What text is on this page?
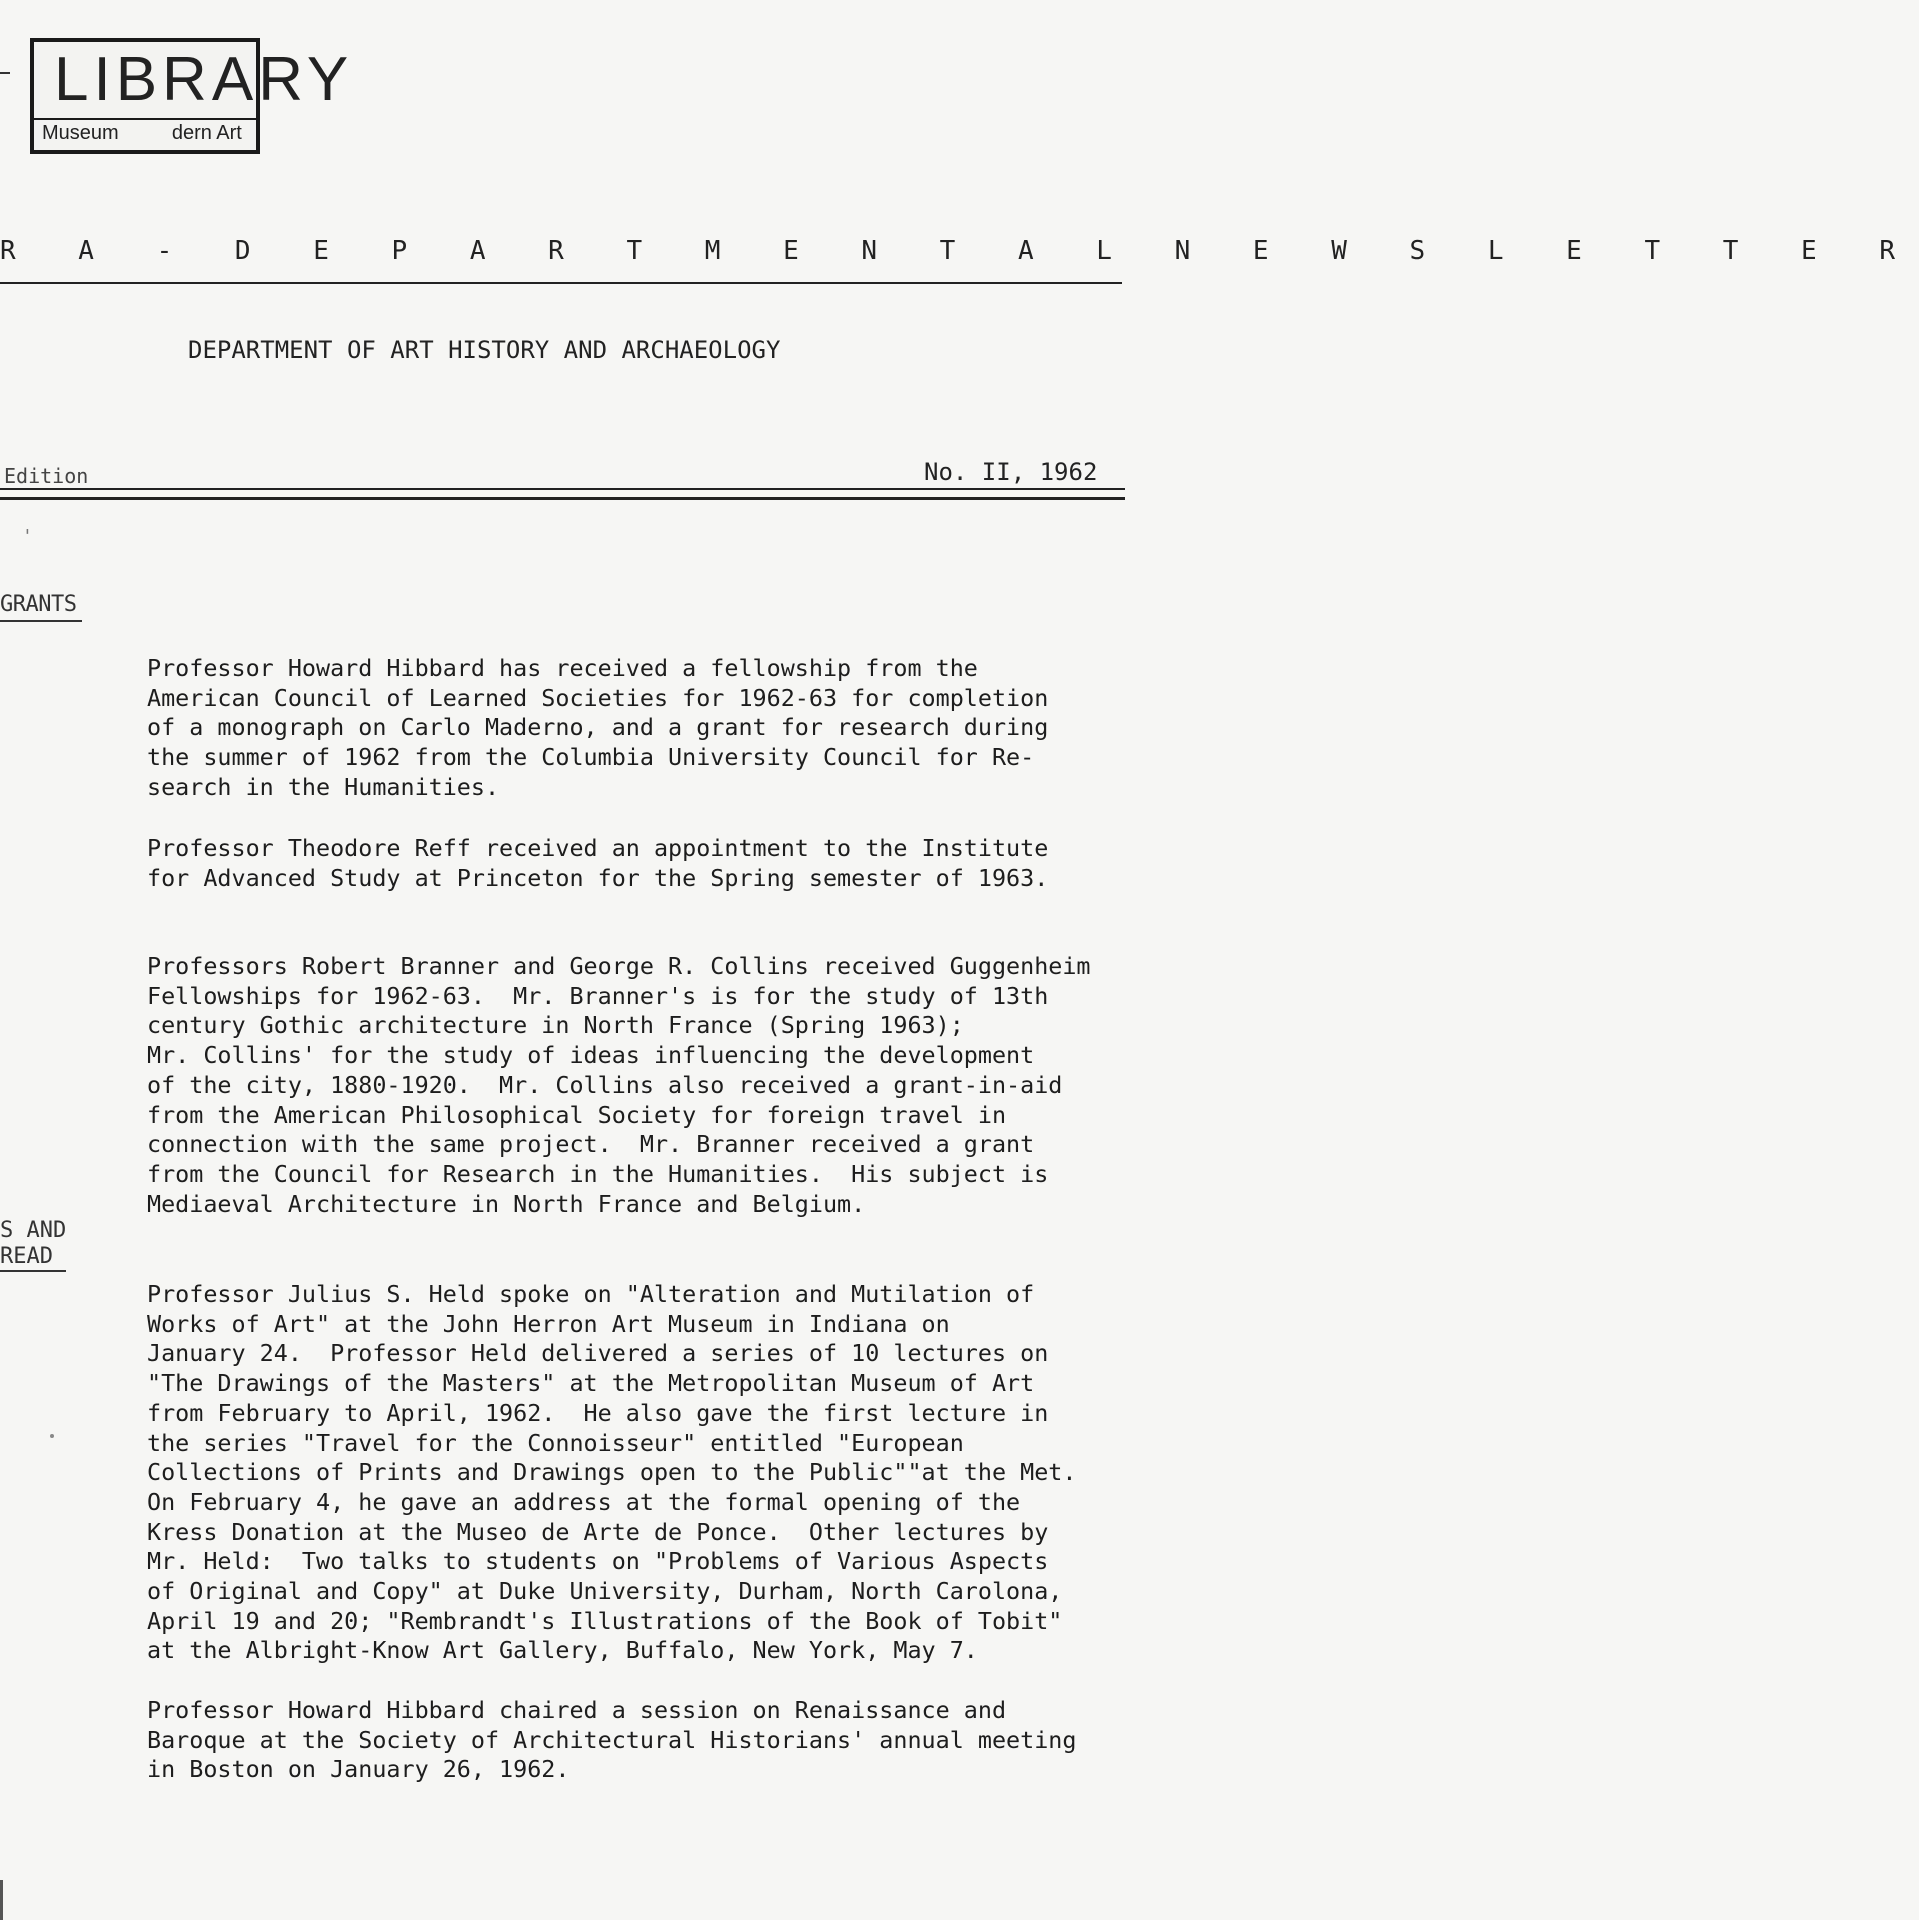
LIBRARY
Museum	dern Art
R A - D E P A R T M E N T A L N E W S L E T T E R
DEPARTMENT OF ART HISTORY AND ARCHAEOLOGY
Edition	No. II, 1962
'
GRANTS
S AND
READ

Professor Howard Hibbard has received a fellowship from the
American Council of Learned Societies for 1962-63 for completion
of a monograph on Carlo Maderno, and a grant for research during
the summer of 1962 from the Columbia University Council for Re-
search in the Humanities.

Professor Theodore Reff received an appointment to the Institute
for Advanced Study at Princeton for the Spring semester of 1963.

Professors Robert Branner and George R. Collins received Guggenheim
Fellowships for 1962-63.  Mr. Branner's is for the study of 13th
century Gothic architecture in North France (Spring 1963);
Mr. Collins' for the study of ideas influencing the development
of the city, 1880-1920.  Mr. Collins also received a grant-in-aid
from the American Philosophical Society for foreign travel in
connection with the same project.  Mr. Branner received a grant
from the Council for Research in the Humanities.  His subject is
Mediaeval Architecture in North France and Belgium.

Professor Julius S. Held spoke on "Alteration and Mutilation of
Works of Art" at the John Herron Art Museum in Indiana on
January 24.  Professor Held delivered a series of 10 lectures on
"The Drawings of the Masters" at the Metropolitan Museum of Art
from February to April, 1962.  He also gave the first lecture in
the series "Travel for the Connoisseur" entitled "European
Collections of Prints and Drawings open to the Public""at the Met.
On February 4, he gave an address at the formal opening of the
Kress Donation at the Museo de Arte de Ponce.  Other lectures by
Mr. Held:  Two talks to students on "Problems of Various Aspects
of Original and Copy" at Duke University, Durham, North Carolona,
April 19 and 20; "Rembrandt's Illustrations of the Book of Tobit"
at the Albright-Know Art Gallery, Buffalo, New York, May 7.

Professor Howard Hibbard chaired a session on Renaissance and
Baroque at the Society of Architectural Historians' annual meeting
in Boston on January 26, 1962.
